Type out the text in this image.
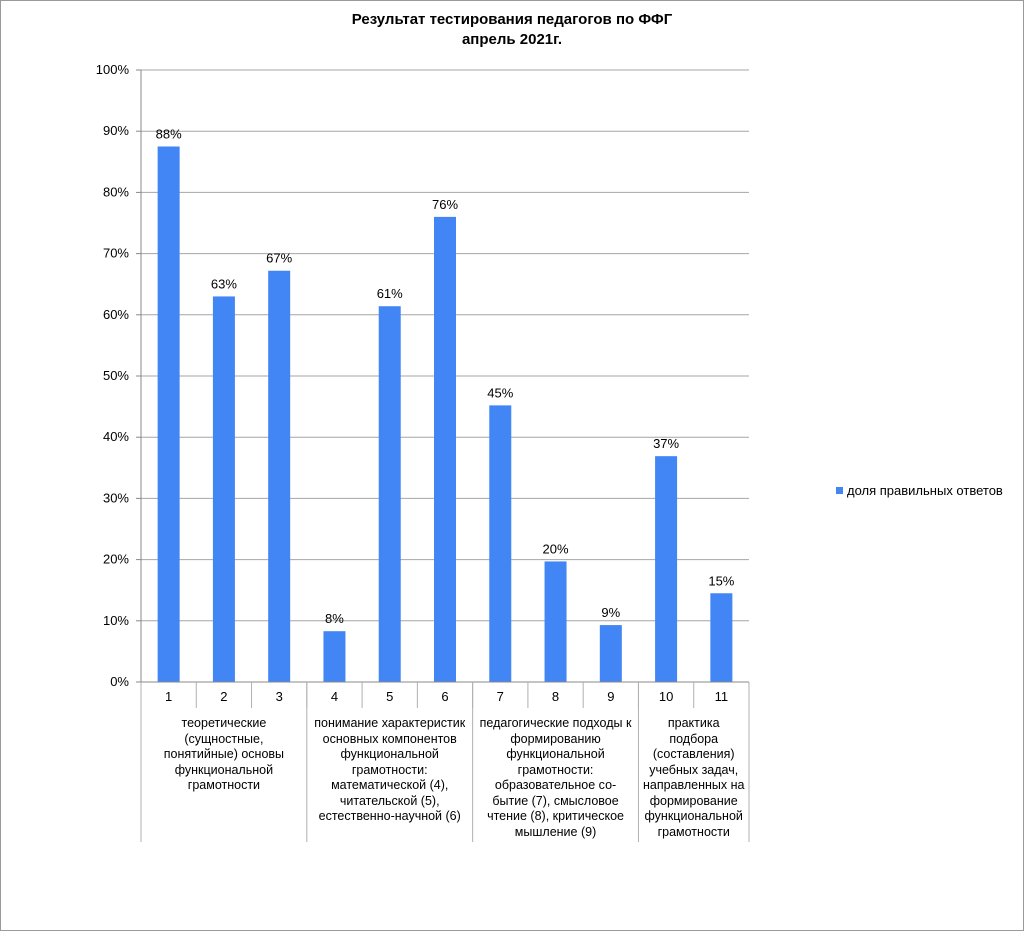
Результат тестирования педагогов по ФФГ
апрель 2021г.
88%
1
63%
2
67%
3
8%
4
61%
5
76%
6
45%
7
20%
8
9%
9
37%
10
15%
11
0%
10%
20%
30%
40%
50%
60%
70%
80%
90%
100%
теоретические
(сущностные,
понятийные) основы
функциональной
грамотности
понимание характеристик
основных компонентов
функциональной
грамотности:
математической (4),
читательской (5),
естественно-научной (6)
педагогические подходы к
формированию
функциональной
грамотности:
образовательное со-
бытие (7), смысловое
чтение (8), критическое
мышление (9)
практика
подбора
(составления)
учебных задач,
направленных на
формирование
функциональной
грамотности
доля правильных ответов
